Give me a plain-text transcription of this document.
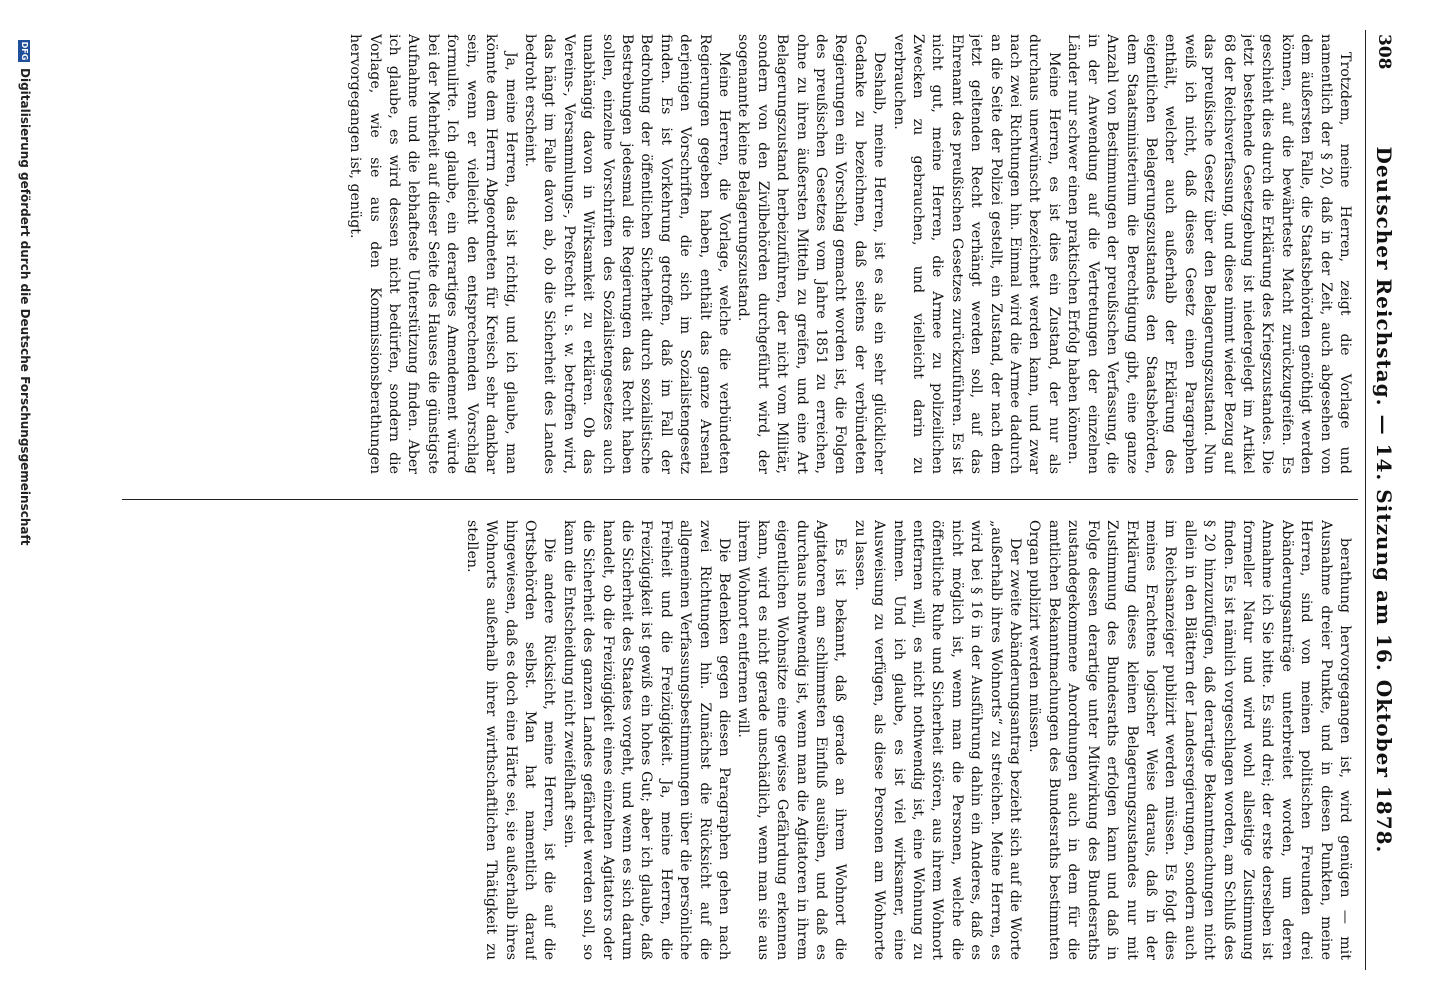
308
Deutscher Reichstag. — 14. Sitzung am 16. Oktober 1878.

Trotzdem, meine Herren, zeigt die Vorlage und namentlich der § 20, daß in der Zeit, auch abgesehen von dem äußersten Falle, die Staatsbehörden genöthigt werden können, auf die bewährteste Macht zurückzugreifen. Es geschieht dies durch die Erklärung des Kriegszustandes. Die jetzt bestehende Gesetzgebung ist niedergelegt im Artikel 68 der Reichsverfassung, und diese nimmt wieder Bezug auf das preußische Gesetz über den Belagerungszustand. Nun weiß ich nicht, daß dieses Gesetz einen Paragraphen enthält, welcher auch außerhalb der Erklärung des eigentlichen Belagerungszustandes den Staatsbehörden, dem Staatsministerium die Berechtigung gibt, eine ganze Anzahl von Bestimmungen der preußischen Verfassung, die in der Anwendung auf die Vertretungen der einzelnen Länder nur schwer einen praktischen Erfolg haben können.

Meine Herren, es ist dies ein Zustand, der nur als durchaus unerwünscht bezeichnet werden kann, und zwar nach zwei Richtungen hin. Einmal wird die Armee dadurch an die Seite der Polizei gestellt, ein Zustand, der nach dem jetzt geltenden Recht verhängt werden soll, auf das Ehrenamt des preußischen Gesetzes zurückzuführen. Es ist nicht gut, meine Herren, die Armee zu polizeilichen Zwecken zu gebrauchen, und vielleicht darin zu verbrauchen.

Deshalb, meine Herren, ist es als ein sehr glücklicher Gedanke zu bezeichnen, daß seitens der verbündeten Regierungen ein Vorschlag gemacht worden ist, die Folgen des preußischen Gesetzes vom Jahre 1851 zu erreichen, ohne zu ihren äußersten Mitteln zu greifen, und eine Art Belagerungszustand herbeizuführen, der nicht vom Militär, sondern von den Zivilbehörden durchgeführt wird, der sogenannte kleine Belagerungszustand.

Meine Herren, die Vorlage, welche die verbündeten Regierungen gegeben haben, enthält das ganze Arsenal derjenigen Vorschriften, die sich im Sozialistengesetz finden. Es ist Vorkehrung getroffen, daß im Fall der Bedrohung der öffentlichen Sicherheit durch sozialistische Bestrebungen jedesmal die Regierungen das Recht haben sollen, einzelne Vorschriften des Sozialistengesetzes auch unabhängig davon in Wirksamkeit zu erklären. Ob das Vereins-, Versammlungs-, Preßrecht u. s. w. betroffen wird, das hängt im Falle davon ab, ob die Sicherheit des Landes bedroht erscheint.

Ja, meine Herren, das ist richtig, und ich glaube, man könnte dem Herrn Abgeordneten für Kreisch sehr dankbar sein, wenn er vielleicht den entsprechenden Vorschlag formulirte. Ich glaube, ein derartiges Amendement würde bei der Mehrheit auf dieser Seite des Hauses die günstigste Aufnahme und die lebhafteste Unterstützung finden. Aber ich glaube, es wird dessen nicht bedürfen, sondern die Vorlage, wie sie aus den Kommissionsberathungen hervorgegangen ist, genügt.

berathung hervorgegangen ist, wird genügen — mit Ausnahme dreier Punkte, und in diesen Punkten, meine Herren, sind von meinen politischen Freunden drei Abänderungsanträge unterbreitet worden, um deren Annahme ich Sie bitte. Es sind drei; der erste derselben ist formeller Natur und wird wohl allseitige Zustimmung finden. Es ist nämlich vorgeschlagen worden, am Schluß des § 20 hinzuzufügen, daß derartige Bekanntmachungen nicht allein in den Blättern der Landesregierungen, sondern auch im Reichsanzeiger publizirt werden müssen. Es folgt dies meines Erachtens logischer Weise daraus, daß in der Erklärung dieses kleinen Belagerungszustandes nur mit Zustimmung des Bundesraths erfolgen kann und daß in Folge dessen derartige unter Mitwirkung des Bundesraths zustandegekommene Anordnungen auch in dem für die amtlichen Bekanntmachungen des Bundesraths bestimmten Organ publizirt werden müssen.

Der zweite Abänderungsantrag bezieht sich auf die Worte „außerhalb ihres Wohnorts“ zu streichen. Meine Herren, es wird bei § 16 in der Ausführung dahin ein Anderes, daß es nicht möglich ist, wenn man die Personen, welche die öffentliche Ruhe und Sicherheit stören, aus ihrem Wohnort entfernen will, es nicht nothwendig ist, eine Wohnung zu nehmen. Und ich glaube, es ist viel wirksamer, eine Ausweisung zu verfügen, als diese Personen am Wohnorte zu lassen.

Es ist bekannt, daß gerade an ihrem Wohnort die Agitatoren am schlimmsten Einfluß ausüben, und daß es durchaus nothwendig ist, wenn man die Agitatoren in ihrem eigentlichen Wohnsitze eine gewisse Gefährdung erkennen kann, wird es nicht gerade unschädlich, wenn man sie aus ihrem Wohnort entfernen will.

Die Bedenken gegen diesen Paragraphen gehen nach zwei Richtungen hin. Zunächst die Rücksicht auf die allgemeinen Verfassungsbestimmungen über die persönliche Freiheit und die Freizügigkeit. Ja, meine Herren, die Freizügigkeit ist gewiß ein hohes Gut; aber ich glaube, daß die Sicherheit des Staates vorgeht, und wenn es sich darum handelt, ob die Freizügigkeit eines einzelnen Agitators oder die Sicherheit des ganzen Landes gefährdet werden soll, so kann die Entscheidung nicht zweifelhaft sein.

Die andere Rücksicht, meine Herren, ist die auf die Ortsbehörden selbst. Man hat namentlich darauf hingewiesen, daß es doch eine Härte sei, sie außerhalb ihres Wohnorts außerhalb ihrer wirthschaftlichen Thätigkeit zu stellen.

DFGDigitalisierung gefördert durch die Deutsche Forschungsgemeinschaft
